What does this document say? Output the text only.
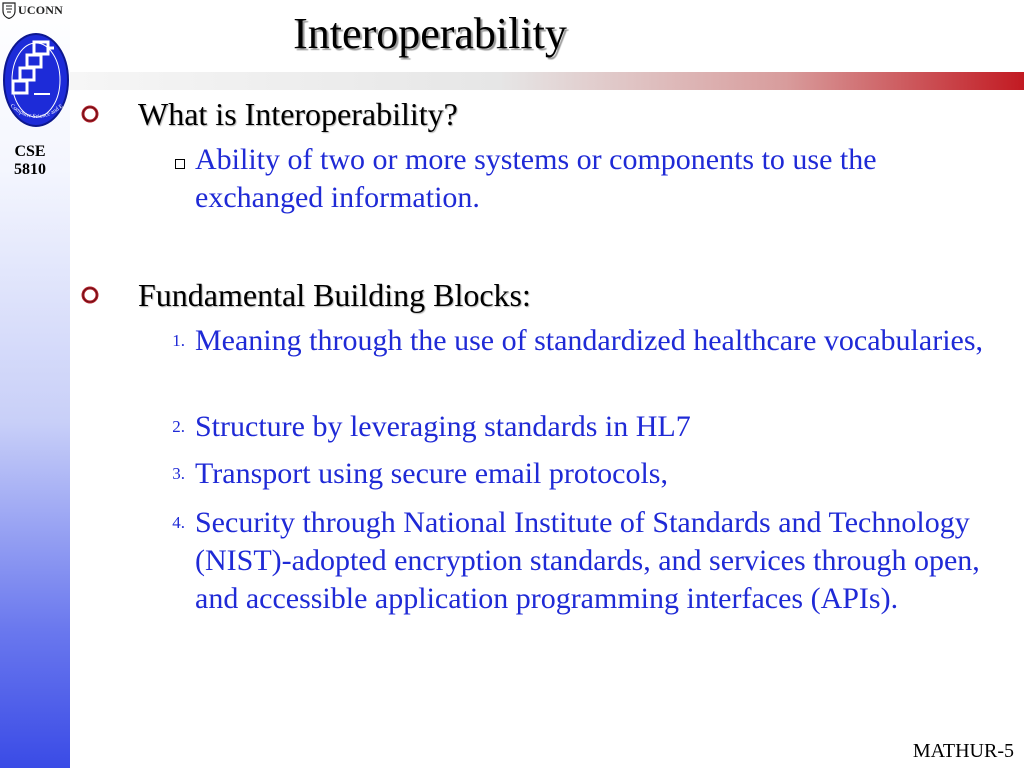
UCONN
Computer Science and E
CSE
5810
Interoperability
What is Interoperability?
Ability of two or more systems or components to use the exchanged information.
Fundamental Building Blocks:
1. Meaning through the use of standardized healthcare vocabularies,
2. Structure by leveraging standards in HL7
3. Transport using secure email protocols,
4. Security through National Institute of Standards and Technology (NIST)-adopted encryption standards, and services through open, and accessible application programming interfaces (APIs).
MATHUR-5
